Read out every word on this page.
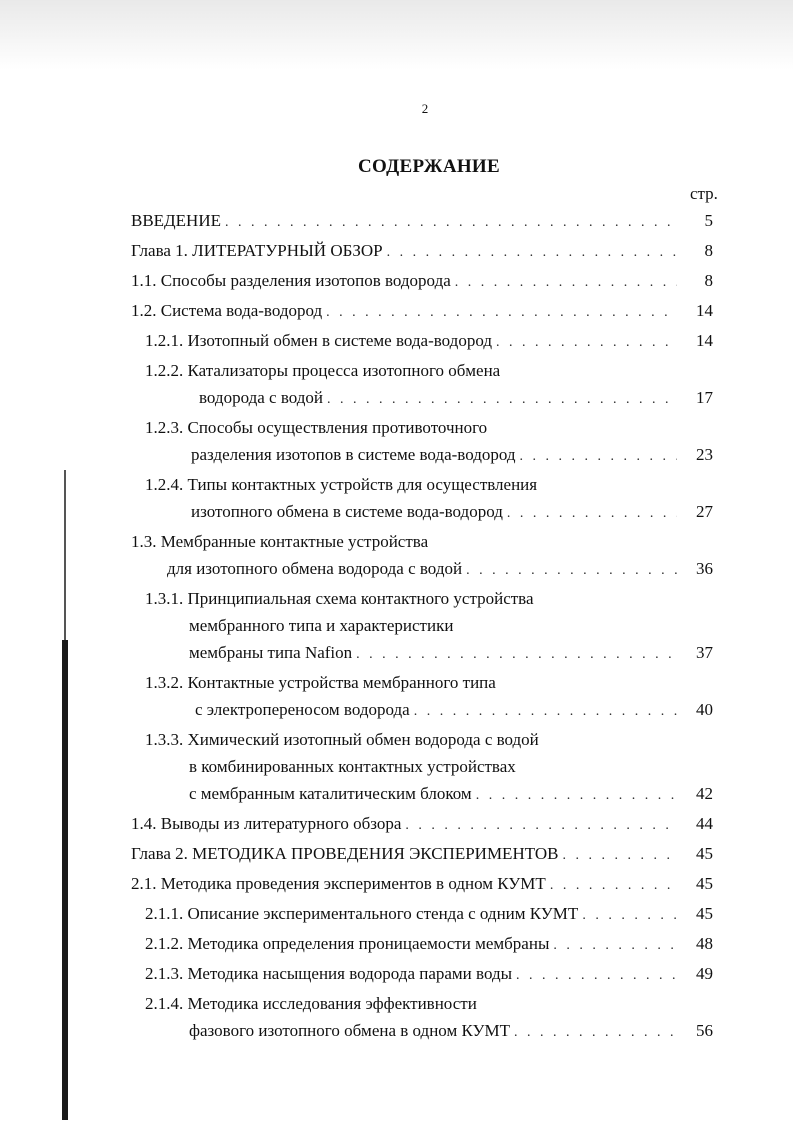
2
СОДЕРЖАНИЕ
стр.
ВВЕДЕНИЕ . . .	5
Глава 1. ЛИТЕРАТУРНЫЙ ОБЗОР . . .	8
1.1. Способы разделения изотопов водорода . . .	8
1.2. Система вода-водород . . .	14
1.2.1. Изотопный обмен в системе вода-водород . . .	14
1.2.2. Катализаторы процесса изотопного обмена
водорода с водой . . .	17
1.2.3. Способы осуществления противоточного
разделения изотопов в системе вода-водород . . .	23
1.2.4. Типы контактных устройств для осуществления
изотопного обмена в системе вода-водород . . .	27
1.3. Мембранные контактные устройства
для изотопного обмена водорода с водой . . .	36
1.3.1. Принципиальная схема контактного устройства
мембранного типа и характеристики
мембраны типа Nafion . . .	37
1.3.2. Контактные устройства мембранного типа
с электропереносом водорода . . .	40
1.3.3. Химический изотопный обмен водорода с водой
в комбинированных контактных устройствах
с мембранным каталитическим блоком . . .	42
1.4. Выводы из литературного обзора . . .	44
Глава 2. МЕТОДИКА ПРОВЕДЕНИЯ ЭКСПЕРИМЕНТОВ . . .	45
2.1. Методика проведения экспериментов в одном КУМТ . . .	45
2.1.1. Описание экспериментального стенда с одним КУМТ . . .	45
2.1.2. Методика определения проницаемости мембраны . . .	48
2.1.3. Методика насыщения водорода парами воды . . .	49
2.1.4. Методика исследования эффективности
фазового изотопного обмена в одном КУМТ . . .	56
